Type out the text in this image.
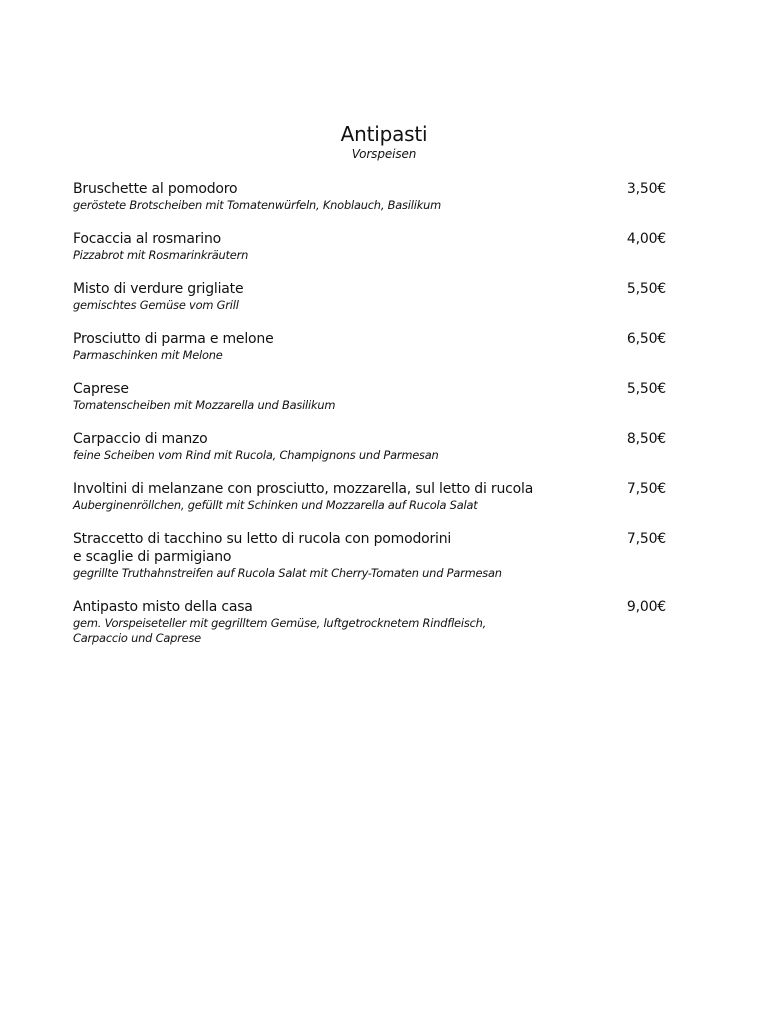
Antipasti
Vorspeisen
Bruschette al pomodoro
geröstete Brotscheiben mit Tomatenwürfeln, Knoblauch, Basilikum
3,50€
Focaccia al rosmarino
Pizzabrot mit Rosmarinkräutern
4,00€
Misto di verdure grigliate
gemischtes Gemüse vom Grill
5,50€
Prosciutto di parma e melone
Parmaschinken mit Melone
6,50€
Caprese
Tomatenscheiben mit Mozzarella und Basilikum
5,50€
Carpaccio di manzo
feine Scheiben vom Rind mit Rucola, Champignons und Parmesan
8,50€
Involtini di melanzane con prosciutto, mozzarella, sul letto di rucola
Auberginenröllchen, gefüllt mit Schinken und Mozzarella auf Rucola Salat
7,50€
Straccetto di tacchino su letto di rucola con pomodorini
e scaglie di parmigiano
gegrillte Truthahnstreifen auf Rucola Salat mit Cherry-Tomaten und Parmesan
7,50€
Antipasto misto della casa
gem. Vorspeiseteller mit gegrilltem Gemüse, luftgetrocknetem Rindfleisch,
Carpaccio und Caprese
9,00€
